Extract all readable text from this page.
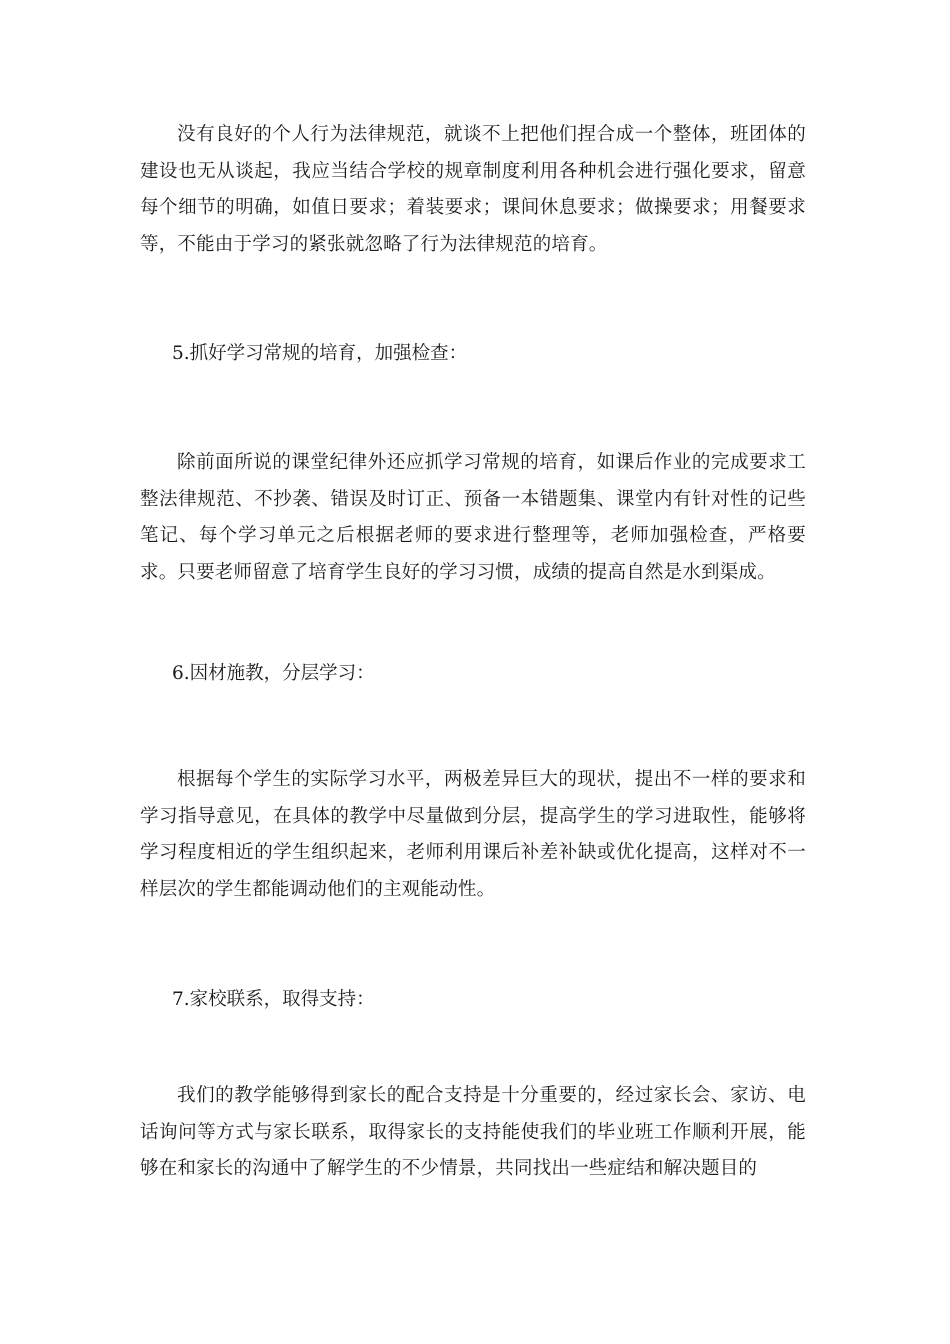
没有良好的个人行为法律规范，就谈不上把他们捏合成一个整体，班团体的建设也无从谈起，我应当结合学校的规章制度利用各种机会进行强化要求，留意每个细节的明确，如值日要求；着装要求；课间休息要求；做操要求；用餐要求等，不能由于学习的紧张就忽略了行为法律规范的培育。

5.抓好学习常规的培育，加强检查：

除前面所说的课堂纪律外还应抓学习常规的培育，如课后作业的完成要求工整法律规范、不抄袭、错误及时订正、预备一本错题集、课堂内有针对性的记些笔记、每个学习单元之后根据老师的要求进行整理等，老师加强检查，严格要求。只要老师留意了培育学生良好的学习习惯，成绩的提高自然是水到渠成。

6.因材施教，分层学习：

根据每个学生的实际学习水平，两极差异巨大的现状，提出不一样的要求和学习指导意见，在具体的教学中尽量做到分层，提高学生的学习进取性，能够将学习程度相近的学生组织起来，老师利用课后补差补缺或优化提高，这样对不一样层次的学生都能调动他们的主观能动性。

7.家校联系，取得支持：

我们的教学能够得到家长的配合支持是十分重要的，经过家长会、家访、电话询问等方式与家长联系，取得家长的支持能使我们的毕业班工作顺利开展，能够在和家长的沟通中了解学生的不少情景，共同找出一些症结和解决题目的
